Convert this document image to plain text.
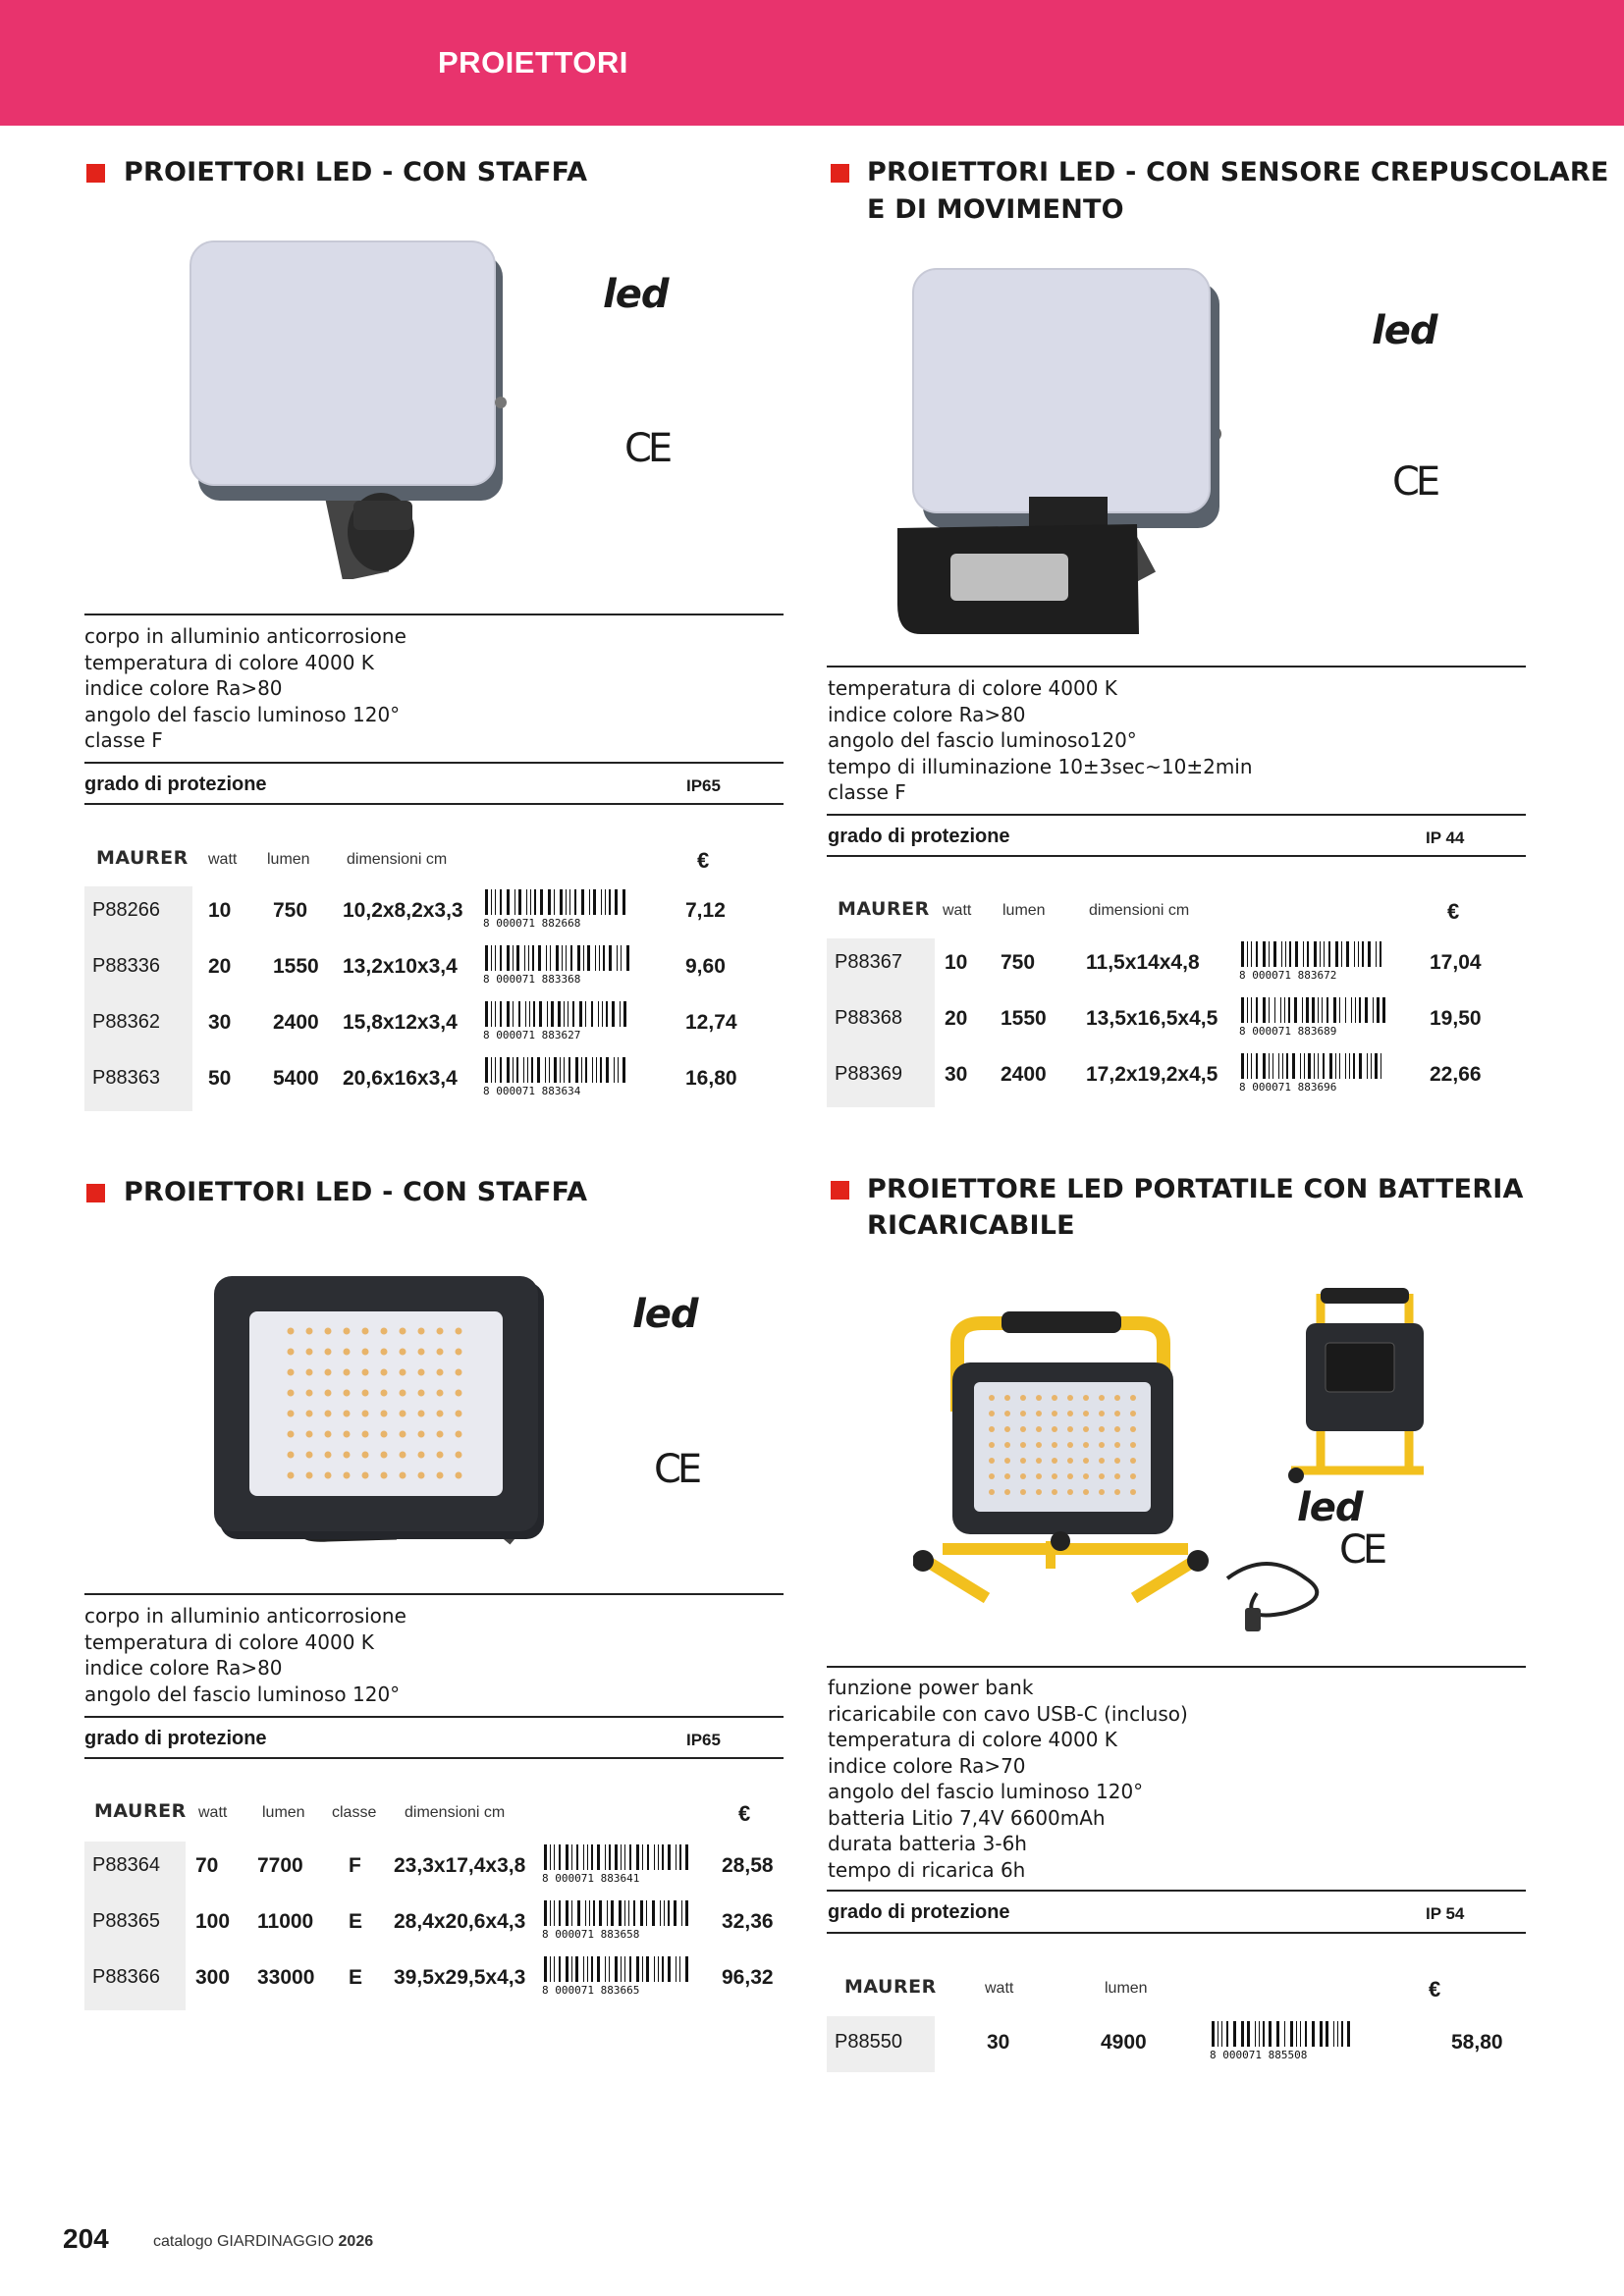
PROIETTORI
PROIETTORI LED - CON STAFFA
led
CE
corpo in alluminio anticorrosione
temperatura di colore 4000 K
indice colore Ra>80
angolo del fascio luminoso 120°
classe F
grado di protezione	IP65
MAURER watt lumen dimensioni cm	€
P88266 10 750 10,2x8,2x3,3	7,12
8 000071 882668
P88336 20 1550 13,2x10x3,4	9,60
8 000071 883368
P88362 30 2400 15,8x12x3,4	12,74
8 000071 883627
P88363 50 5400 20,6x16x3,4	16,80
8 000071 883634
PROIETTORI LED - CON SENSORE CREPUSCOLARE
E DI MOVIMENTO
led
CE
temperatura di colore 4000 K
indice colore Ra>80
angolo del fascio luminoso120°
tempo di illuminazione 10±3sec~10±2min
classe F
grado di protezione	IP 44
MAURER watt lumen	dimensioni cm	€
P88367 10 750 11,5x14x4,8	17,04
8 000071 883672
P88368 20 1550 13,5x16,5x4,5	19,50
8 000071 883689
P88369 30 2400 17,2x19,2x4,5	22,66
8 000071 883696
PROIETTORI LED - CON STAFFA
led
CE
corpo in alluminio anticorrosione
temperatura di colore 4000 K
indice colore Ra>80
angolo del fascio luminoso 120°
grado di protezione	IP65
MAURER watt lumen classe dimensioni cm	€
P88364 70 7700 F 23,3x17,4x3,8	28,58
8 000071 883641
P88365 100 11000 E 28,4x20,6x4,3	32,36
8 000071 883658
P88366 300 33000 E 39,5x29,5x4,3	96,32
8 000071 883665
PROIETTORE LED PORTATILE CON BATTERIA
RICARICABILE
led
CE
funzione power bank
ricaricabile con cavo USB-C (incluso)
temperatura di colore 4000 K
indice colore Ra>70
angolo del fascio luminoso 120°
batteria Litio 7,4V 6600mAh
durata batteria 3-6h
tempo di ricarica 6h
grado di protezione	IP 54
MAURER	watt	lumen	€
P88550	30	4900	58,80
8 000071 885508
204	catalogo GIARDINAGGIO 2026
